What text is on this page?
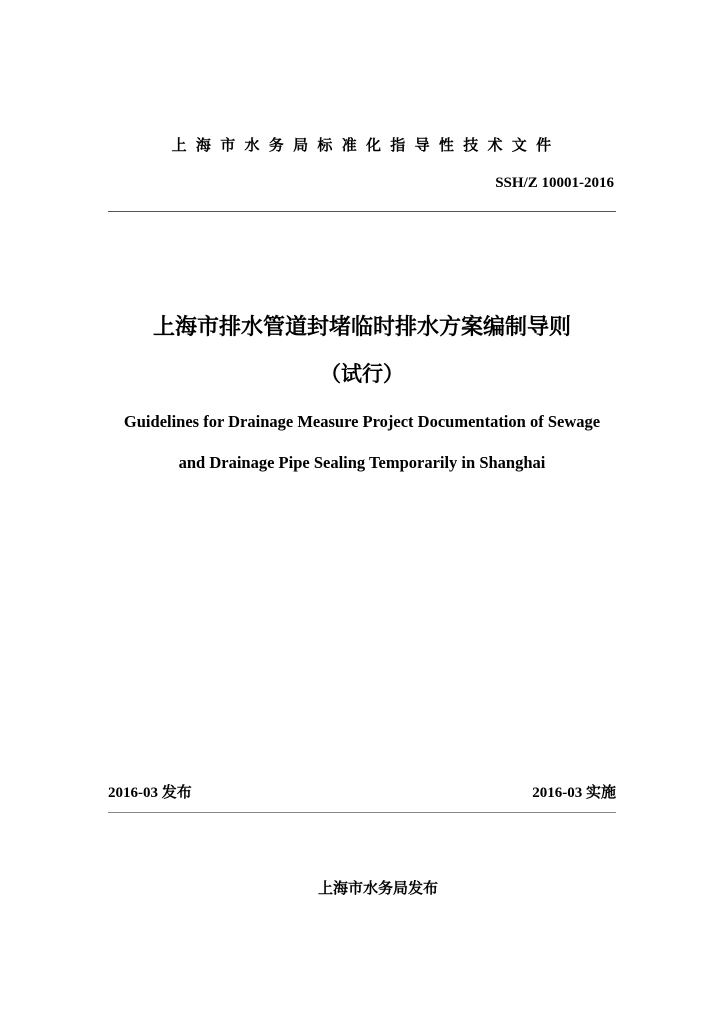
上海市水务局标准化指导性技术文件
SSH/Z 10001-2016
上海市排水管道封堵临时排水方案编制导则
（试行）
Guidelines for Drainage Measure Project Documentation of Sewage
and Drainage Pipe Sealing Temporarily in Shanghai
2016-03 发布	2016-03 实施
上海市水务局发布
